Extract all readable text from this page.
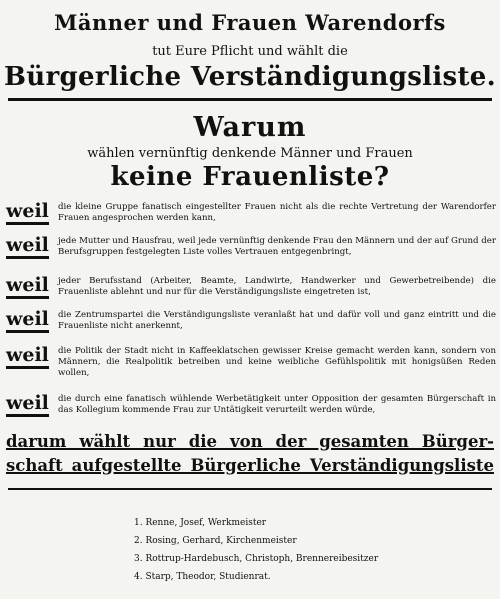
Männer und Frauen Warendorfs
tut Eure Pflicht und wählt die
Bürgerliche Verständigungsliste.
Warum
wählen vernünftig denkende Männer und Frauen
keine Frauenliste?
weil die kleine Gruppe fanatisch eingestellter Frauen nicht als die rechte Vertretung der Warendorfer Frauen angesprochen werden kann,
weil jede Mutter und Hausfrau, weil jede vernünftig denkende Frau den Männern und der auf Grund der Berufsgruppen festgelegten Liste volles Vertrauen entgegenbringt,
weil jeder Berufsstand (Arbeiter, Beamte, Landwirte, Handwerker und Gewerbetreibende) die Frauenliste ablehnt und nur für die Verständigungsliste eingetreten ist,
weil die Zentrumspartei die Verständigungsliste veranlaßt hat und dafür voll und ganz eintritt und die Frauenliste nicht anerkennt,
weil die Politik der Stadt nicht in Kaffeeklatschen gewisser Kreise gemacht werden kann, sondern von Männern, die Realpolitik betreiben und keine weibliche Gefühlspolitik mit honigsüßen Reden wollen,
weil die durch eine fanatisch wühlende Werbetätigkeit unter Opposition der gesamten Bürgerschaft in das Kollegium kommende Frau zur Untätigkeit verurteilt werden würde,
darum wählt nur die von der gesamten Bürger-
schaft aufgestellte Bürgerliche Verständigungsliste
1. Renne, Josef, Werkmeister
2. Rosing, Gerhard, Kirchenmeister
3. Rottrup-Hardebusch, Christoph, Brennereibesitzer
4. Starp, Theodor, Studienrat.
